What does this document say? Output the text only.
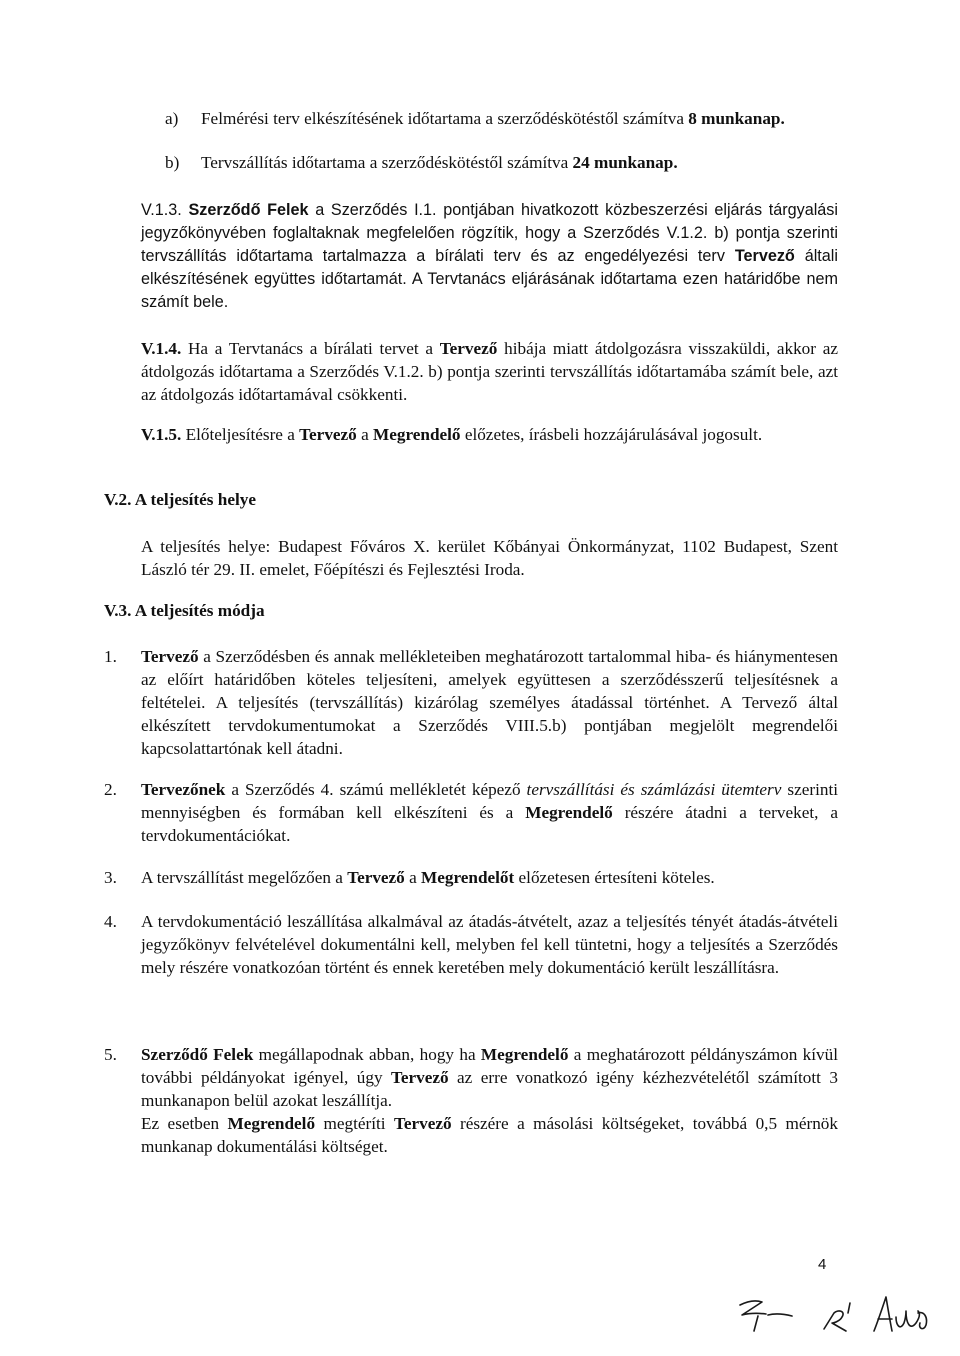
a) Felmérési terv elkészítésének időtartama a szerződéskötéstől számítva 8 munkanap.

b) Tervszállítás időtartama a szerződéskötéstől számítva 24 munkanap.

V.1.3. Szerződő Felek a Szerződés I.1. pontjában hivatkozott közbeszerzési eljárás tárgyalási jegyzőkönyvében foglaltaknak megfelelően rögzítik, hogy a Szerződés V.1.2. b) pontja szerinti tervszállítás időtartama tartalmazza a bírálati terv és az engedélyezési terv Tervező általi elkészítésének együttes időtartamát. A Tervtanács eljárásának időtartama ezen határidőbe nem számít bele.

V.1.4. Ha a Tervtanács a bírálati tervet a Tervező hibája miatt átdolgozásra visszaküldi, akkor az átdolgozás időtartama a Szerződés V.1.2. b) pontja szerinti tervszállítás időtartamába számít bele, azt az átdolgozás időtartamával csökkenti.

V.1.5. Előteljesítésre a Tervező a Megrendelő előzetes, írásbeli hozzájárulásával jogosult.

V.2. A teljesítés helye

A teljesítés helye: Budapest Főváros X. kerület Kőbányai Önkormányzat, 1102 Budapest, Szent László tér 29. II. emelet, Főépítészi és Fejlesztési Iroda.

V.3. A teljesítés módja

1. Tervező a Szerződésben és annak mellékleteiben meghatározott tartalommal hiba- és hiánymentesen az előírt határidőben köteles teljesíteni, amelyek együttesen a szerződésszerű teljesítésnek a feltételei. A teljesítés (tervszállítás) kizárólag személyes átadással történhet. A Tervező által elkészített tervdokumentumokat a Szerződés VIII.5.b) pontjában megjelölt megrendelői kapcsolattartónak kell átadni.

2. Tervezőnek a Szerződés 4. számú mellékletét képező tervszállítási és számlázási ütemterv szerinti mennyiségben és formában kell elkészíteni és a Megrendelő részére átadni a terveket, a tervdokumentációkat.

3. A tervszállítást megelőzően a Tervező a Megrendelőt előzetesen értesíteni köteles.

4. A tervdokumentáció leszállítása alkalmával az átadás-átvételt, azaz a teljesítés tényét átadás-átvételi jegyzőkönyv felvételével dokumentálni kell, melyben fel kell tüntetni, hogy a teljesítés a Szerződés mely részére vonatkozóan történt és ennek keretében mely dokumentáció került leszállításra.

5. Szerződő Felek megállapodnak abban, hogy ha Megrendelő a meghatározott példányszámon kívül további példányokat igényel, úgy Tervező az erre vonatkozó igény kézhezvételétől számított 3 munkanapon belül azokat leszállítja.

Ez esetben Megrendelő megtéríti Tervező részére a másolási költségeket, továbbá 0,5 mérnök munkanap dokumentálási költséget.

4
